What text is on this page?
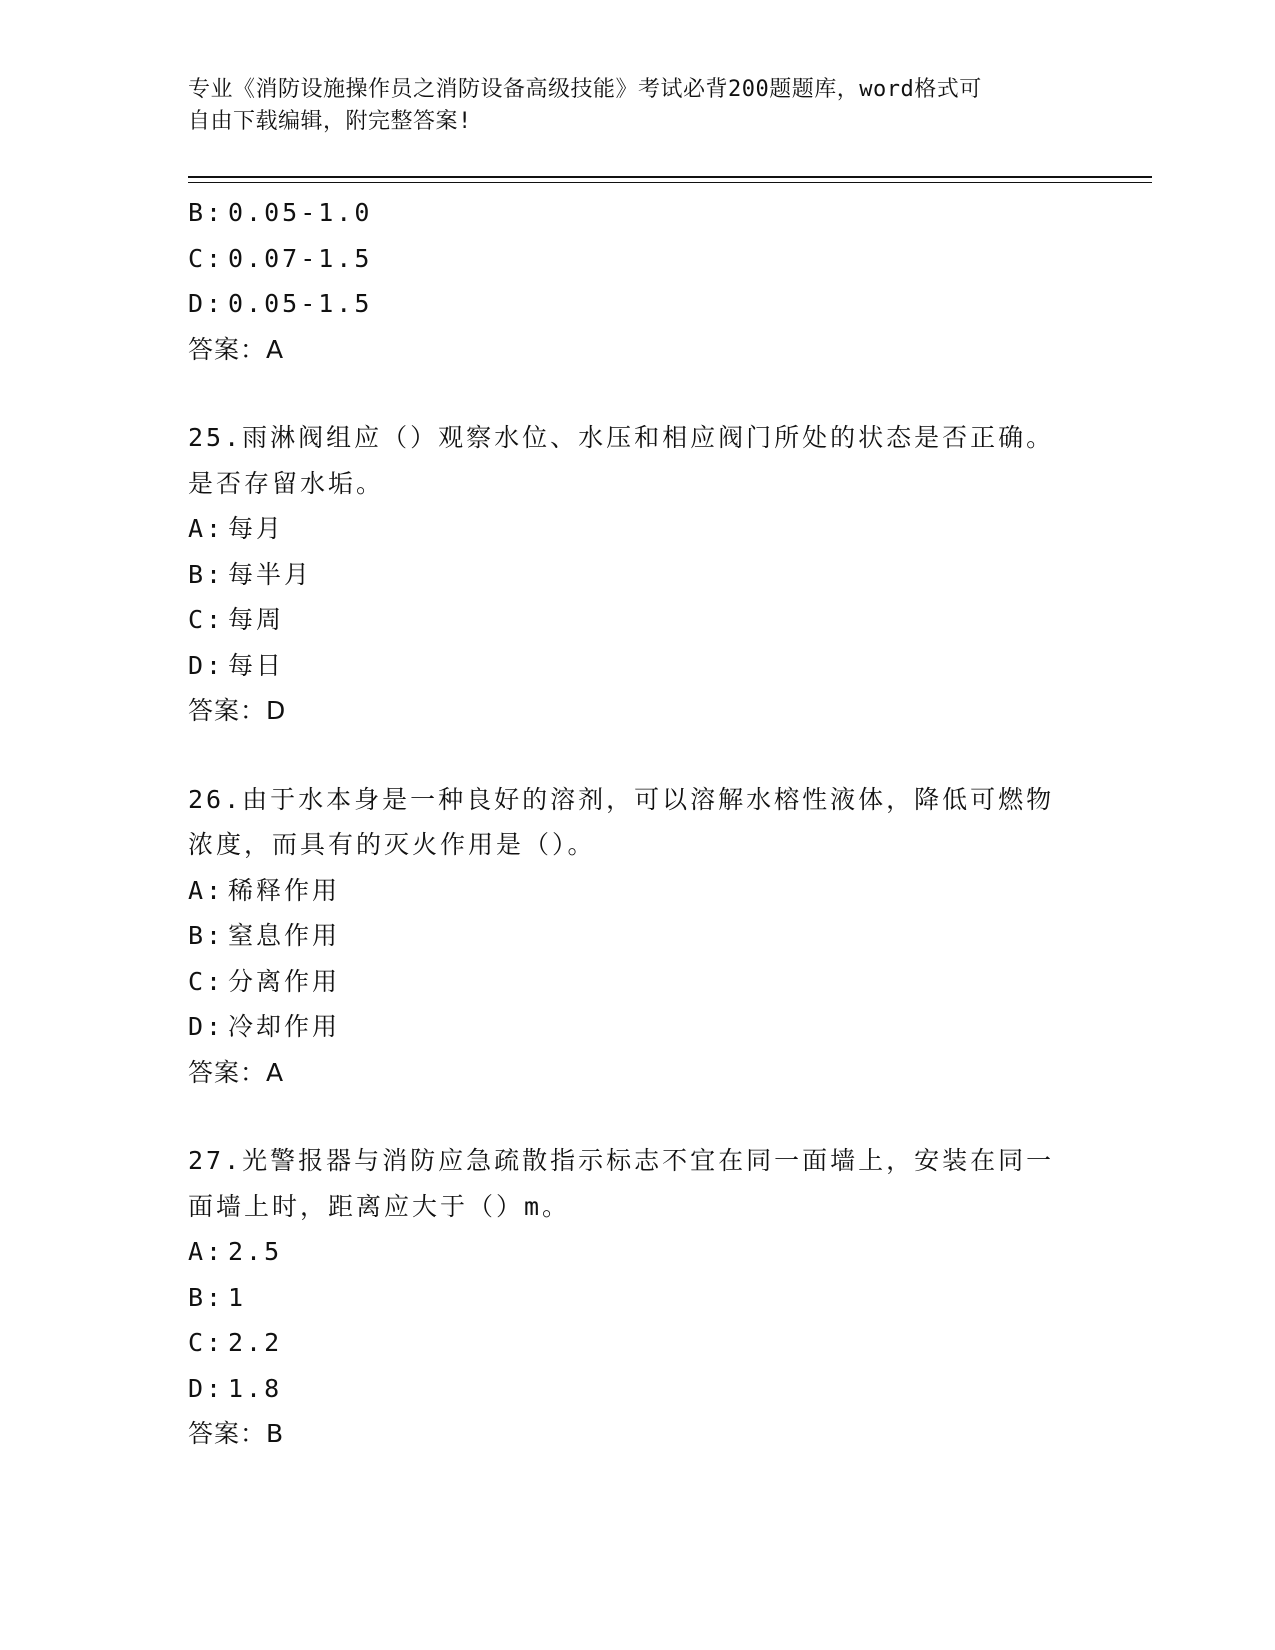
专业《消防设施操作员之消防设备高级技能》考试必背200题题库，word格式可
自由下载编辑，附完整答案!
B: 0.05-1.0
C: 0.07-1.5
D: 0.05-1.5
答案：A
25.雨淋阀组应（）观察水位、水压和相应阀门所处的状态是否正确。
是否存留水垢。
A: 每月
B: 每半月
C: 每周
D: 每日
答案：D
26.由于水本身是一种良好的溶剂，可以溶解水榕性液体，降低可燃物
浓度，而具有的灭火作用是（）。
A: 稀释作用
B: 窒息作用
C: 分离作用
D: 冷却作用
答案：A
27.光警报器与消防应急疏散指示标志不宜在同一面墙上，安装在同一
面墙上时，距离应大于（）m。
A: 2.5
B: 1
C: 2.2
D: 1.8
答案：B
